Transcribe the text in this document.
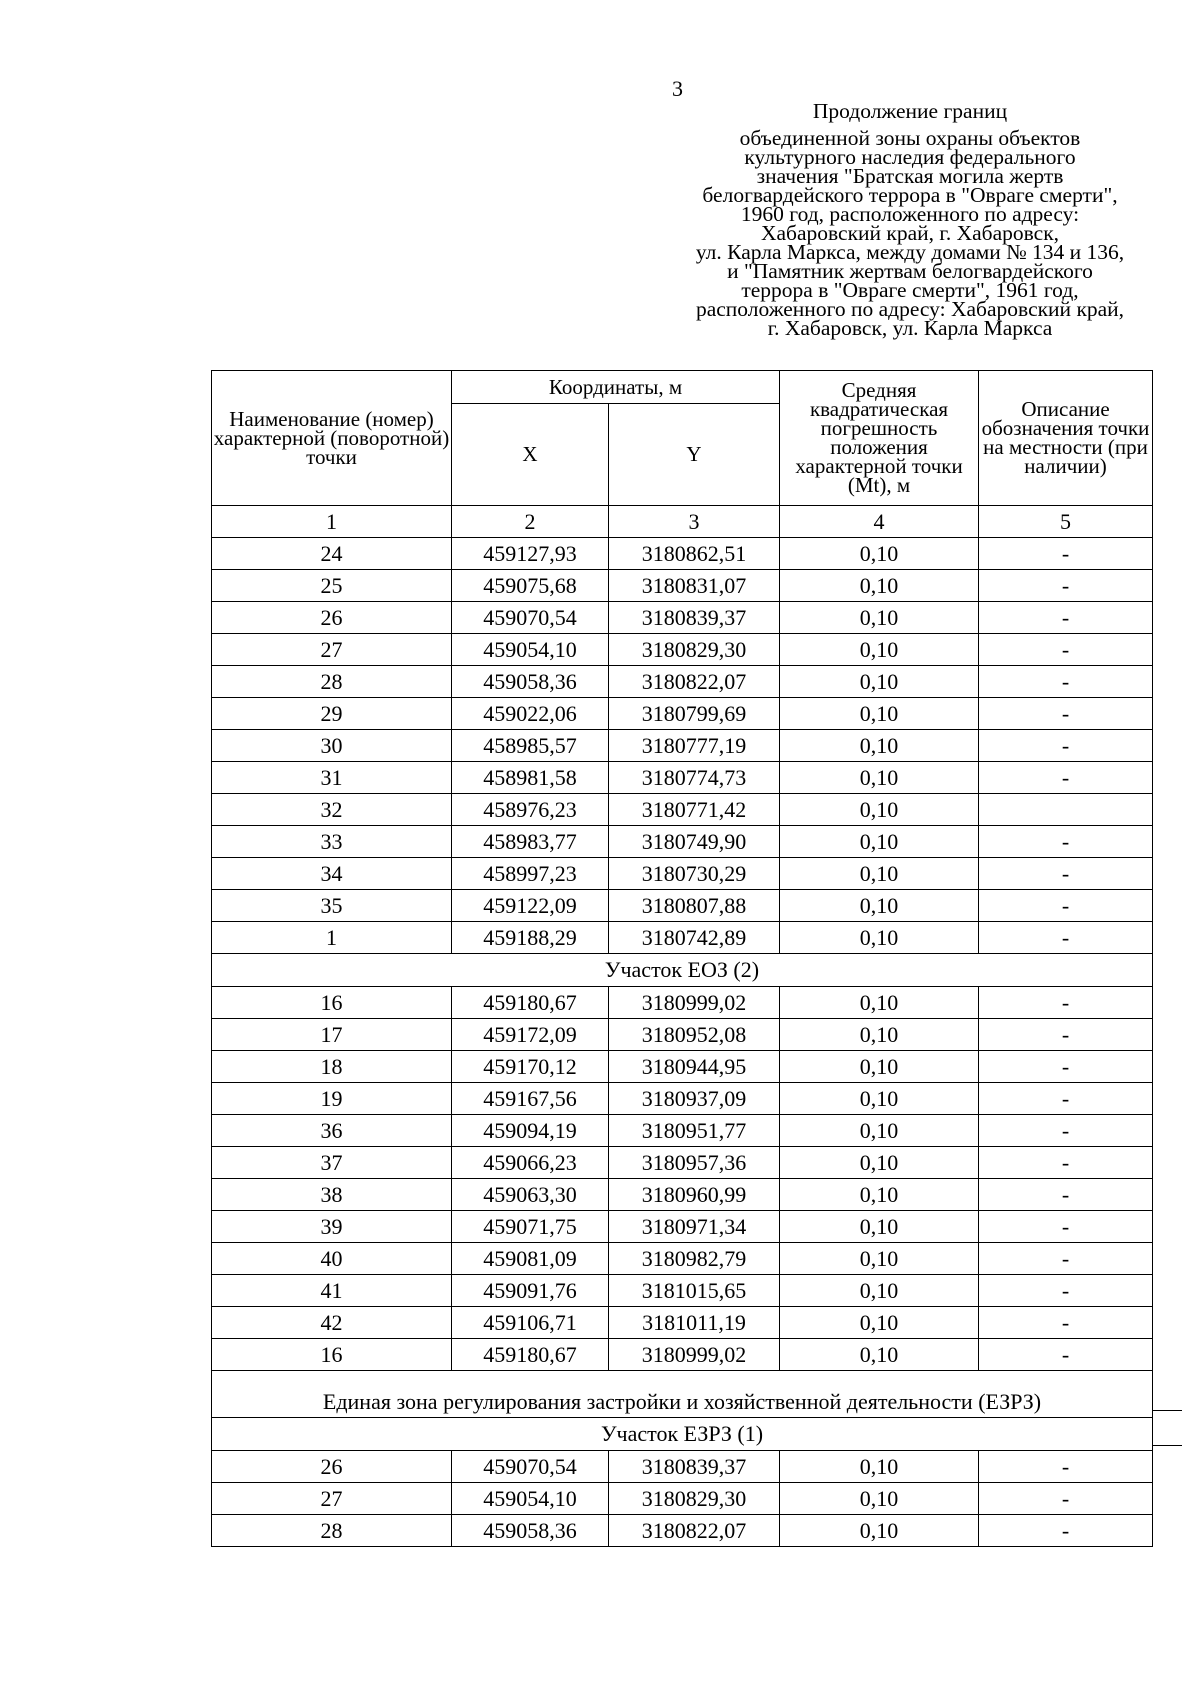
3
Продолжение границ
объединенной зоны охраны объектов
культурного наследия федерального
значения "Братская могила жертв
белогвардейского террора в "Овраге смерти",
1960 год, расположенного по адресу:
Хабаровский край, г. Хабаровск,
ул. Карла Маркса, между домами № 134 и 136,
и "Памятник жертвам белогвардейского
террора в "Овраге смерти", 1961 год,
расположенного по адресу: Хабаровский край,
г. Хабаровск, ул. Карла Маркса
Наименование (номер) характерной (поворотной) точки	Координаты, м		Средняя квадратическая погрешность положения характерной точки (Mt), м	Описание обозначения точки на местности (при наличии)
	X	Y		
1	2	3	4	5
24	459127,93	3180862,51	0,10	-
25	459075,68	3180831,07	0,10	-
26	459070,54	3180839,37	0,10	-
27	459054,10	3180829,30	0,10	-
28	459058,36	3180822,07	0,10	-
29	459022,06	3180799,69	0,10	-
30	458985,57	3180777,19	0,10	-
31	458981,58	3180774,73	0,10	-
32	458976,23	3180771,42	0,10	
33	458983,77	3180749,90	0,10	-
34	458997,23	3180730,29	0,10	-
35	459122,09	3180807,88	0,10	-
1	459188,29	3180742,89	0,10	-
Участок ЕОЗ (2)				
16	459180,67	3180999,02	0,10	-
17	459172,09	3180952,08	0,10	-
18	459170,12	3180944,95	0,10	-
19	459167,56	3180937,09	0,10	-
36	459094,19	3180951,77	0,10	-
37	459066,23	3180957,36	0,10	-
38	459063,30	3180960,99	0,10	-
39	459071,75	3180971,34	0,10	-
40	459081,09	3180982,79	0,10	-
41	459091,76	3181015,65	0,10	-
42	459106,71	3181011,19	0,10	-
16	459180,67	3180999,02	0,10	-
Единая зона регулирования застройки и хозяйственной деятельности (ЕЗРЗ)				
Участок ЕЗРЗ (1)				
26	459070,54	3180839,37	0,10	-
27	459054,10	3180829,30	0,10	-
28	459058,36	3180822,07	0,10	-
